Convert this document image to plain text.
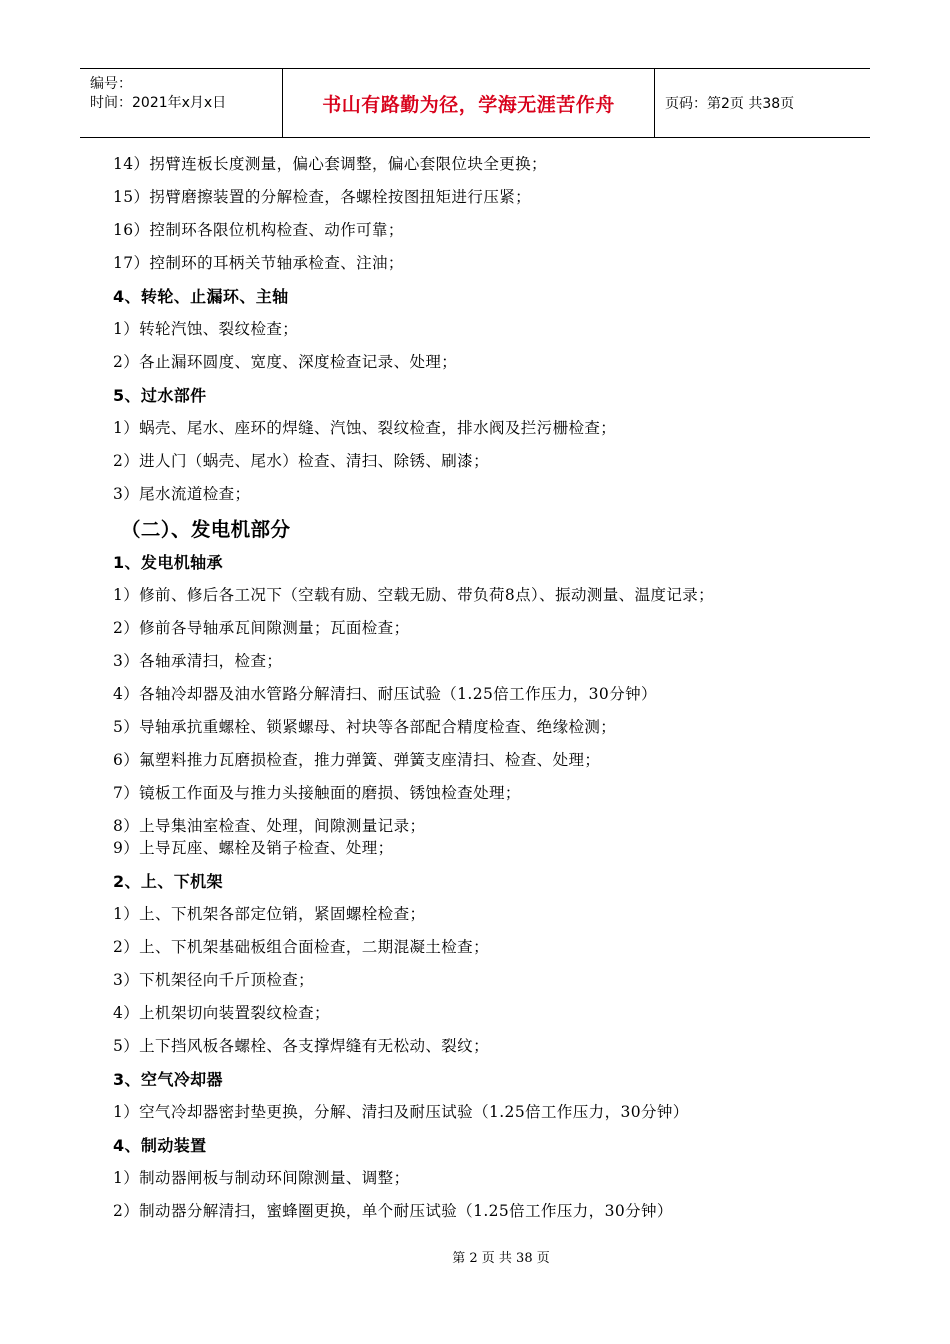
编号：
时间：2021年x月x日	书山有路勤为径，学海无涯苦作舟	页码：第2页 共38页
14）拐臂连板长度测量，偏心套调整，偏心套限位块全更换；
15）拐臂磨擦装置的分解检查，各螺栓按图扭矩进行压紧；
16）控制环各限位机构检查、动作可靠；
17）控制环的耳柄关节轴承检查、注油；
4、转轮、止漏环、主轴
1）转轮汽蚀、裂纹检查；
2）各止漏环圆度、宽度、深度检查记录、处理；
5、过水部件
1）蜗壳、尾水、座环的焊缝、汽蚀、裂纹检查，排水阀及拦污栅检查；
2）进人门（蜗壳、尾水）检查、清扫、除锈、刷漆；
3）尾水流道检查；
（二）、发电机部分
1、发电机轴承
1）修前、修后各工况下（空载有励、空载无励、带负荷8点）、振动测量、温度记录；
2）修前各导轴承瓦间隙测量；瓦面检查；
3）各轴承清扫，检查；
4）各轴冷却器及油水管路分解清扫、耐压试验（1.25倍工作压力，30分钟）
5）导轴承抗重螺栓、锁紧螺母、衬块等各部配合精度检查、绝缘检测；
6）氟塑料推力瓦磨损检查，推力弹簧、弹簧支座清扫、检查、处理；
7）镜板工作面及与推力头接触面的磨损、锈蚀检查处理；
8）上导集油室检查、处理，间隙测量记录；
9）上导瓦座、螺栓及销子检查、处理；
2、上、下机架
1）上、下机架各部定位销，紧固螺栓检查；
2）上、下机架基础板组合面检查，二期混凝土检查；
3）下机架径向千斤顶检查；
4）上机架切向装置裂纹检查；
5）上下挡风板各螺栓、各支撑焊缝有无松动、裂纹；
3、空气冷却器
1）空气冷却器密封垫更换，分解、清扫及耐压试验（1.25倍工作压力，30分钟）
4、制动装置
1）制动器闸板与制动环间隙测量、调整；
2）制动器分解清扫，蜜蜂圈更换，单个耐压试验（1.25倍工作压力，30分钟）
第 2 页 共 38 页
